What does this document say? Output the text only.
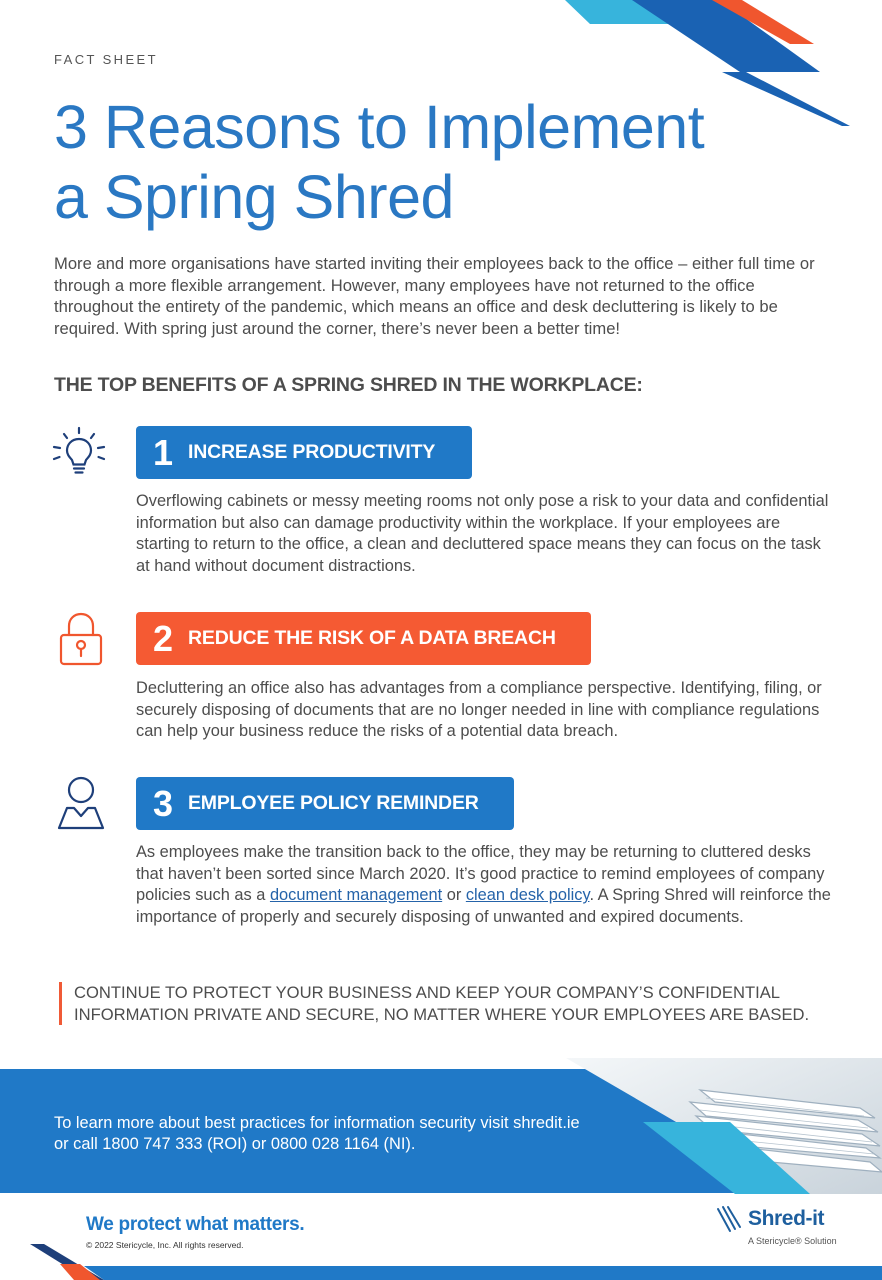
FACT SHEET
3 Reasons to Implement
a Spring Shred

More and more organisations have started inviting their employees back to the office – either full time or through a more flexible arrangement. However, many employees have not returned to the office throughout the entirety of the pandemic, which means an office and desk decluttering is likely to be required. With spring just around the corner, there’s never been a better time!

THE TOP BENEFITS OF A SPRING SHRED IN THE WORKPLACE:
1 INCREASE PRODUCTIVITY

Overflowing cabinets or messy meeting rooms not only pose a risk to your data and confidential information but also can damage productivity within the workplace. If your employees are starting to return to the office, a clean and decluttered space means they can focus on the task at hand without document distractions.

2 REDUCE THE RISK OF A DATA BREACH

Decluttering an office also has advantages from a compliance perspective. Identifying, filing, or securely disposing of documents that are no longer needed in line with compliance regulations can help your business reduce the risks of a potential data breach.

3 EMPLOYEE POLICY REMINDER

As employees make the transition back to the office, they may be returning to cluttered desks that haven’t been sorted since March 2020. It’s good practice to remind employees of company policies such as a document management or clean desk policy. A Spring Shred will reinforce the importance of properly and securely disposing of unwanted and expired documents.

CONTINUE TO PROTECT YOUR BUSINESS AND KEEP YOUR COMPANY’S CONFIDENTIAL INFORMATION PRIVATE AND SECURE, NO MATTER WHERE YOUR EMPLOYEES ARE BASED.

To learn more about best practices for information security visit shredit.ie or call 1800 747 333 (ROI) or 0800 028 1164 (NI).

We protect what matters.
© 2022 Stericycle, Inc. All rights reserved.
Shred-it
A Stericycle® Solution
